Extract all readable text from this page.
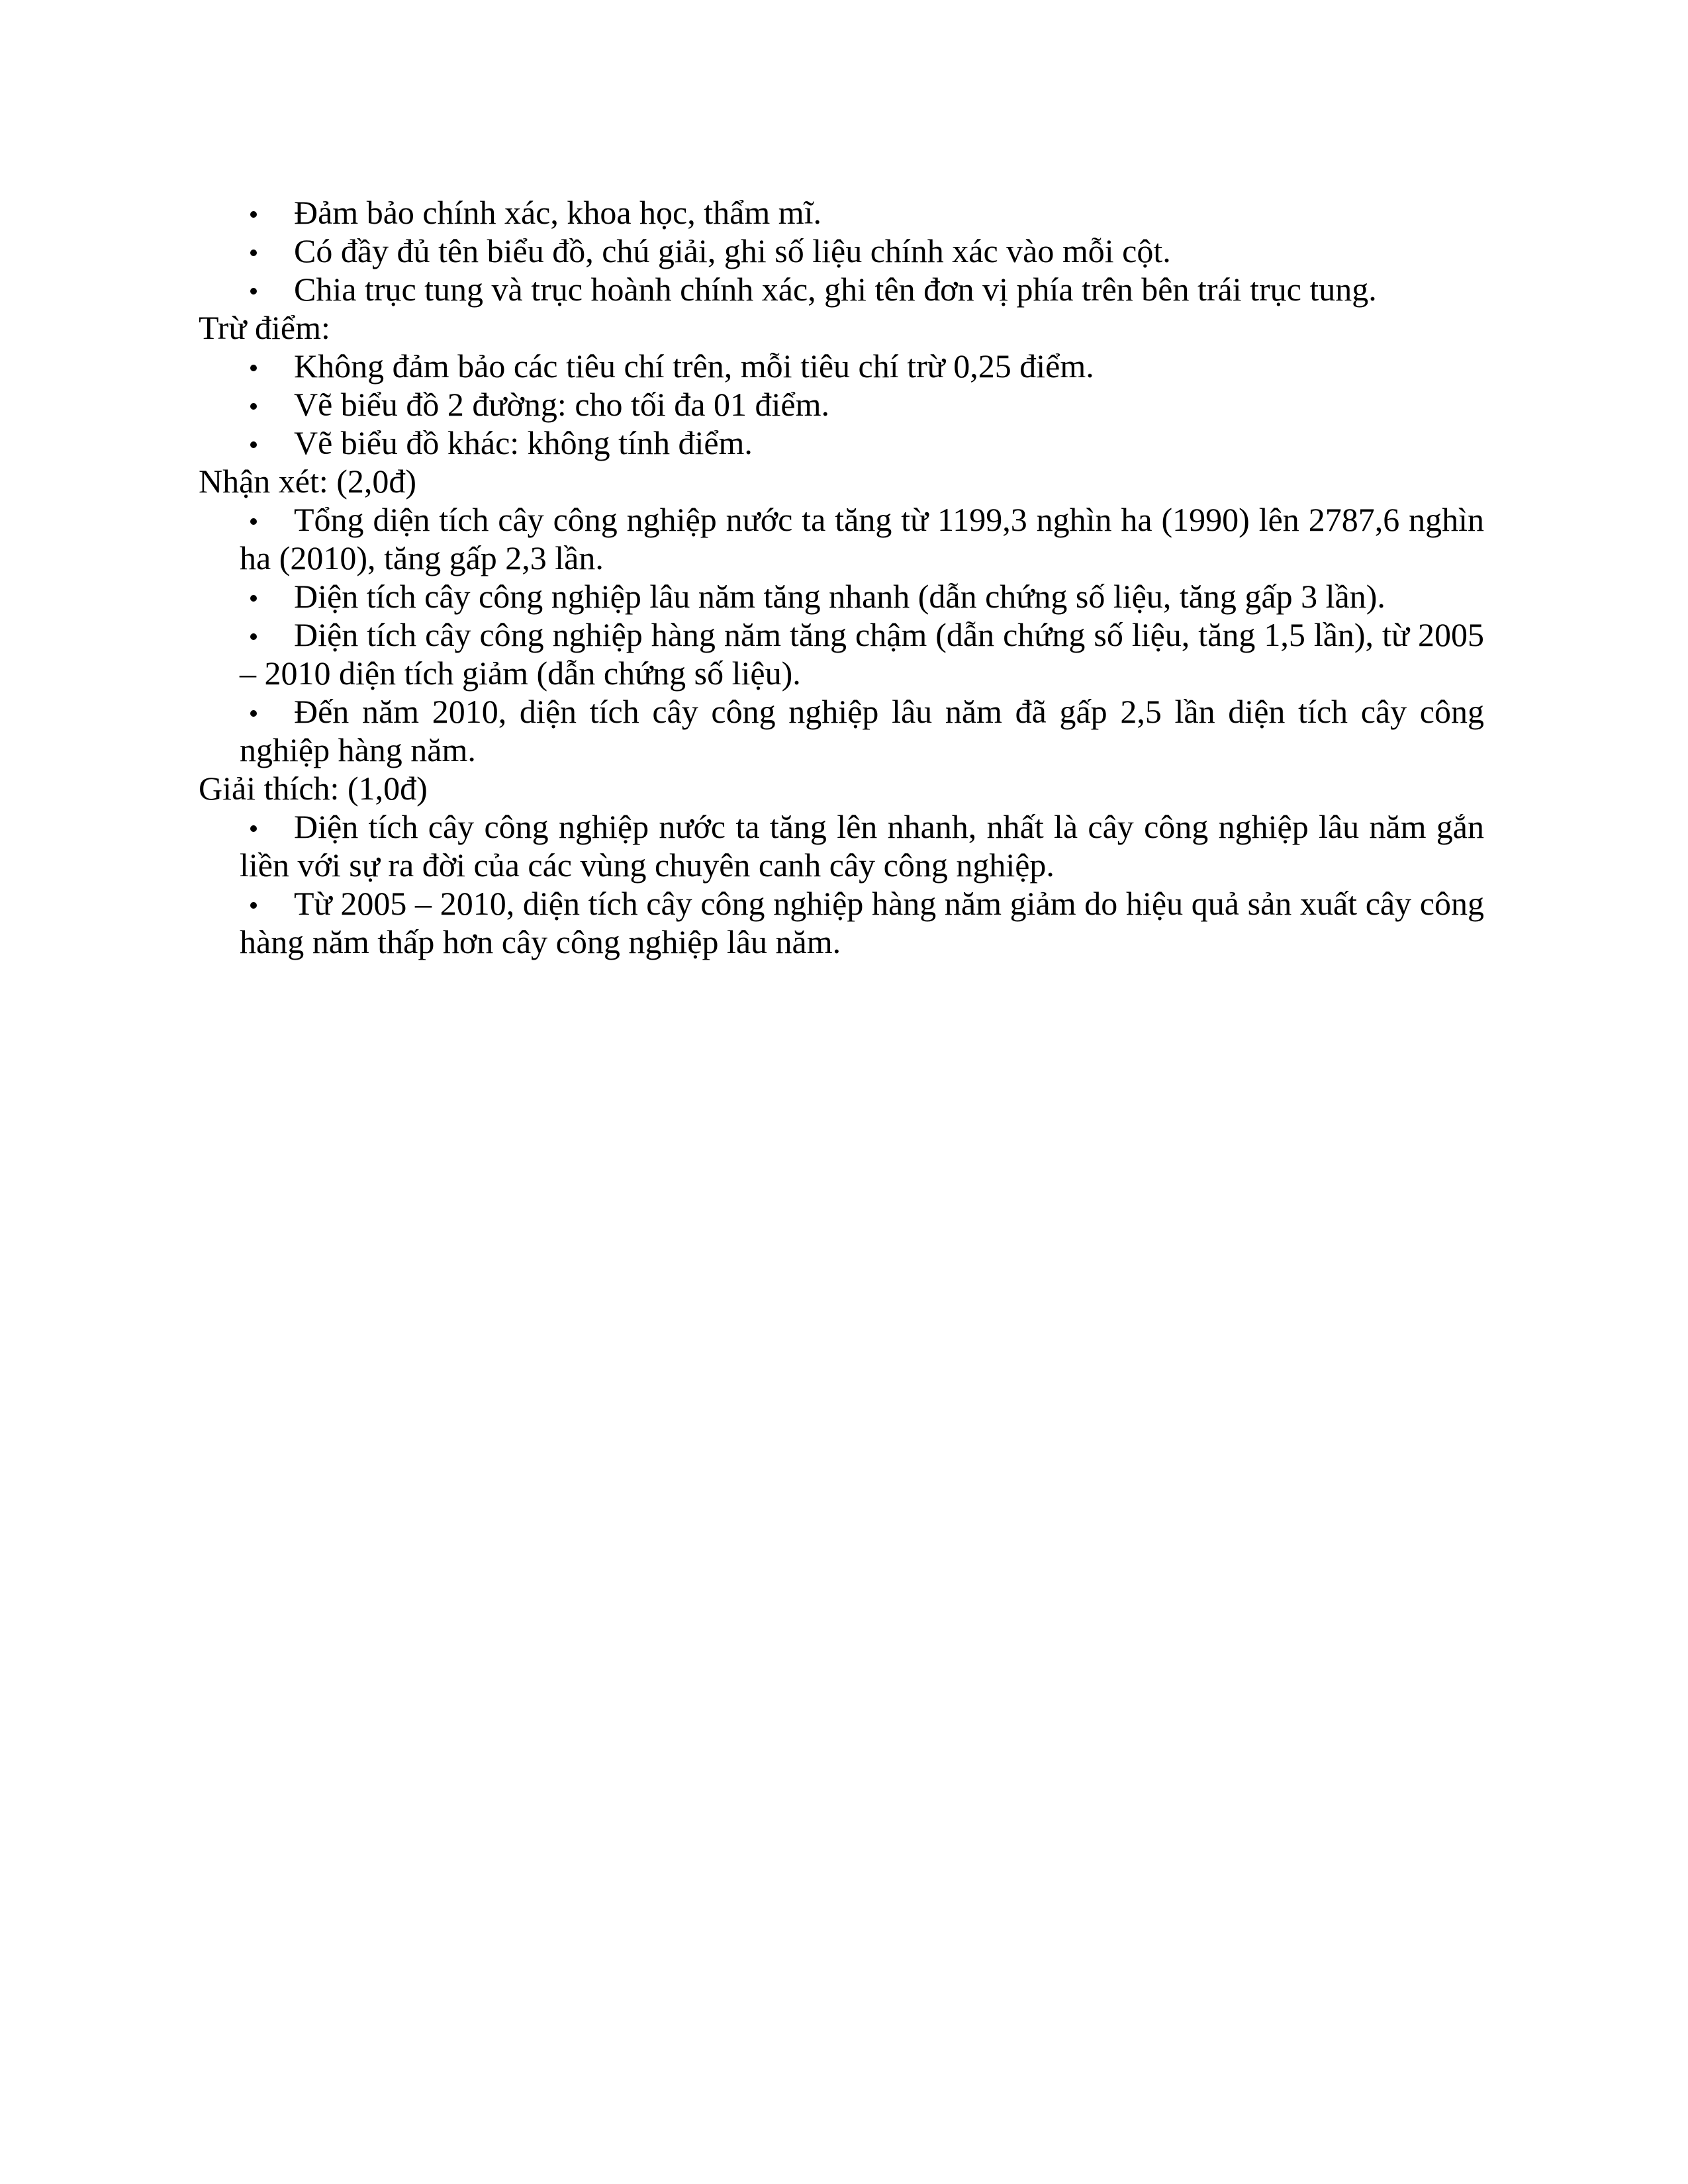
Đảm bảo chính xác, khoa học, thẩm mĩ.
Có đầy đủ tên biểu đồ, chú giải, ghi số liệu chính xác vào mỗi cột.
Chia trục tung và trục hoành chính xác, ghi tên đơn vị phía trên bên trái trục tung.

Trừ điểm:

Không đảm bảo các tiêu chí trên, mỗi tiêu chí trừ 0,25 điểm.
Vẽ biểu đồ 2 đường: cho tối đa 01 điểm.
Vẽ biểu đồ khác: không tính điểm.

Nhận xét: (2,0đ)

Tổng diện tích cây công nghiệp nước ta tăng từ 1199,3 nghìn ha (1990) lên 2787,6 nghìn ha (2010), tăng gấp 2,3 lần.
Diện tích cây công nghiệp lâu năm tăng nhanh (dẫn chứng số liệu, tăng gấp 3 lần).
Diện tích cây công nghiệp hàng năm tăng chậm (dẫn chứng số liệu, tăng 1,5 lần), từ 2005 – 2010 diện tích giảm (dẫn chứng số liệu).
Đến năm 2010, diện tích cây công nghiệp lâu năm đã gấp 2,5 lần diện tích cây công nghiệp hàng năm.

Giải thích: (1,0đ)

Diện tích cây công nghiệp nước ta tăng lên nhanh, nhất là cây công nghiệp lâu năm gắn liền với sự ra đời của các vùng chuyên canh cây công nghiệp.
Từ 2005 – 2010, diện tích cây công nghiệp hàng năm giảm do hiệu quả sản xuất cây công hàng năm thấp hơn cây công nghiệp lâu năm.
